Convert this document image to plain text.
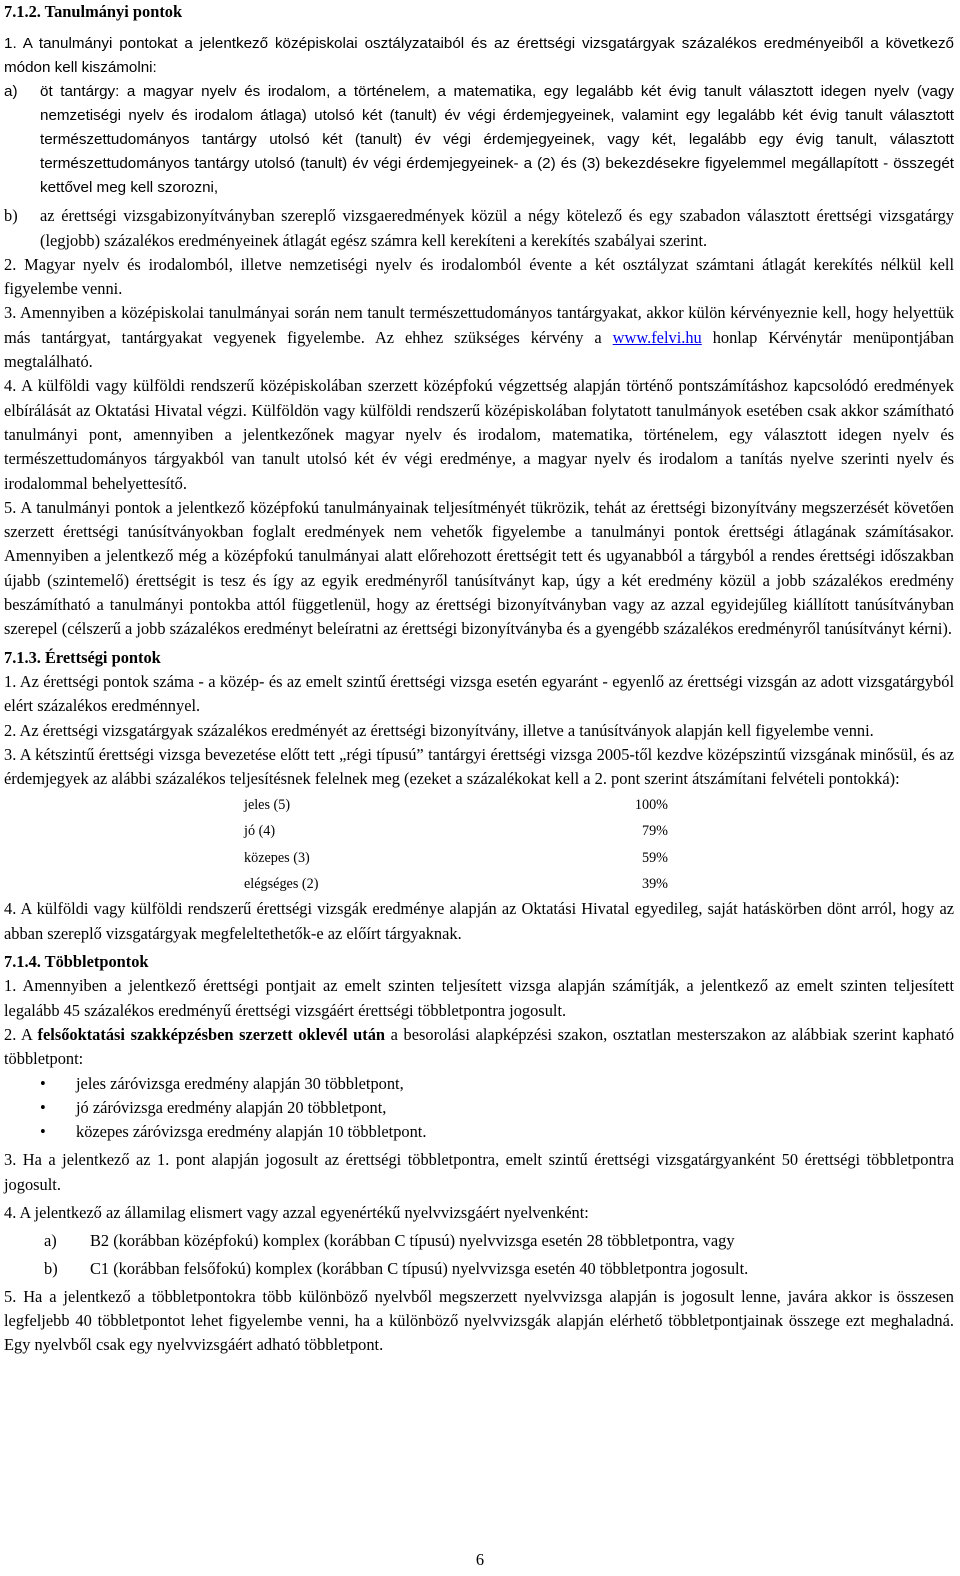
7.1.2. Tanulmányi pontok

1. A tanulmányi pontokat a jelentkező középiskolai osztályzataiból és az érettségi vizsgatárgyak százalékos eredményeiből a következő módon kell kiszámolni:

a)	öt tantárgy: a magyar nyelv és irodalom, a történelem, a matematika, egy legalább két évig tanult választott idegen nyelv (vagy nemzetiségi nyelv és irodalom átlaga) utolsó két (tanult) év végi érdemjegyeinek, valamint egy legalább két évig tanult választott természettudományos tantárgy utolsó két (tanult) év végi érdemjegyeinek, vagy két, legalább egy évig tanult, választott természettudományos tantárgy utolsó (tanult) év végi érdemjegyeinek- a (2) és (3) bekezdésekre figyelemmel megállapított - összegét kettővel meg kell szorozni,
b)	az érettségi vizsgabizonyítványban szereplő vizsgaeredmények közül a négy kötelező és egy szabadon választott érettségi vizsgatárgy (legjobb) százalékos eredményeinek átlagát egész számra kell kerekíteni a kerekítés szabályai szerint.

2. Magyar nyelv és irodalomból, illetve nemzetiségi nyelv és irodalomból évente a két osztályzat számtani átlagát kerekítés nélkül kell figyelembe venni.

3. Amennyiben a középiskolai tanulmányai során nem tanult természettudományos tantárgyakat, akkor külön kérvényeznie kell, hogy helyettük más tantárgyat, tantárgyakat vegyenek figyelembe. Az ehhez szükséges kérvény a www.felvi.hu honlap Kérvénytár menüpontjában megtalálható.

4. A külföldi vagy külföldi rendszerű középiskolában szerzett középfokú végzettség alapján történő pontszámításhoz kapcsolódó eredmények elbírálását az Oktatási Hivatal végzi. Külföldön vagy külföldi rendszerű középiskolában folytatott tanulmányok esetében csak akkor számítható tanulmányi pont, amennyiben a jelentkezőnek magyar nyelv és irodalom, matematika, történelem, egy választott idegen nyelv és természettudományos tárgyakból van tanult utolsó két év végi eredménye, a magyar nyelv és irodalom a tanítás nyelve szerinti nyelv és irodalommal behelyettesítő.

5. A tanulmányi pontok a jelentkező középfokú tanulmányainak teljesítményét tükrözik, tehát az érettségi bizonyítvány megszerzését követően szerzett érettségi tanúsítványokban foglalt eredmények nem vehetők figyelembe a tanulmányi pontok érettségi átlagának számításakor. Amennyiben a jelentkező még a középfokú tanulmányai alatt előrehozott érettségit tett és ugyanabból a tárgyból a rendes érettségi időszakban újabb (szintemelő) érettségit is tesz és így az egyik eredményről tanúsítványt kap, úgy a két eredmény közül a jobb százalékos eredmény beszámítható a tanulmányi pontokba attól függetlenül, hogy az érettségi bizonyítványban vagy az azzal egyidejűleg kiállított tanúsítványban szerepel (célszerű a jobb százalékos eredményt beleíratni az érettségi bizonyítványba és a gyengébb százalékos eredményről tanúsítványt kérni).

7.1.3. Érettségi pontok

1. Az érettségi pontok száma - a közép- és az emelt szintű érettségi vizsga esetén egyaránt - egyenlő az érettségi vizsgán az adott vizsgatárgyból elért százalékos eredménnyel.

2. Az érettségi vizsgatárgyak százalékos eredményét az érettségi bizonyítvány, illetve a tanúsítványok alapján kell figyelembe venni.

3. A kétszintű érettségi vizsga bevezetése előtt tett „régi típusú” tantárgyi érettségi vizsga 2005-től kezdve középszintű vizsgának minősül, és az érdemjegyek az alábbi százalékos teljesítésnek felelnek meg (ezeket a százalékokat kell a 2. pont szerint átszámítani felvételi pontokká):

jeles (5)	100%
jó (4)	79%
közepes (3)	59%
elégséges (2)	39%

4. A külföldi vagy külföldi rendszerű érettségi vizsgák eredménye alapján az Oktatási Hivatal egyedileg, saját hatáskörben dönt arról, hogy az abban szereplő vizsgatárgyak megfeleltethetők-e az előírt tárgyaknak.

7.1.4. Többletpontok

1. Amennyiben a jelentkező érettségi pontjait az emelt szinten teljesített vizsga alapján számítják, a jelentkező az emelt szinten teljesített legalább 45 százalékos eredményű érettségi vizsgáért érettségi többletpontra jogosult.

2. A felsőoktatási szakképzésben szerzett oklevél után a besorolási alapképzési szakon, osztatlan mesterszakon az alábbiak szerint kapható többletpont:

•	jeles záróvizsga eredmény alapján 30 többletpont,
•	jó záróvizsga eredmény alapján 20 többletpont,
•	közepes záróvizsga eredmény alapján 10 többletpont.

3. Ha a jelentkező az 1. pont alapján jogosult az érettségi többletpontra, emelt szintű érettségi vizsgatárgyanként 50 érettségi többletpontra jogosult.

4. A jelentkező az államilag elismert vagy azzal egyenértékű nyelvvizsgáért nyelvenként:

a)	B2 (korábban középfokú) komplex (korábban C típusú) nyelvvizsga esetén 28 többletpontra, vagy
b)	C1 (korábban felsőfokú) komplex (korábban C típusú) nyelvvizsga esetén 40 többletpontra jogosult.

5. Ha a jelentkező a többletpontokra több különböző nyelvből megszerzett nyelvvizsga alapján is jogosult lenne, javára akkor is összesen legfeljebb 40 többletpontot lehet figyelembe venni, ha a különböző nyelvvizsgák alapján elérhető többletpontjainak összege ezt meghaladná. Egy nyelvből csak egy nyelvvizsgáért adható többletpont.

6
